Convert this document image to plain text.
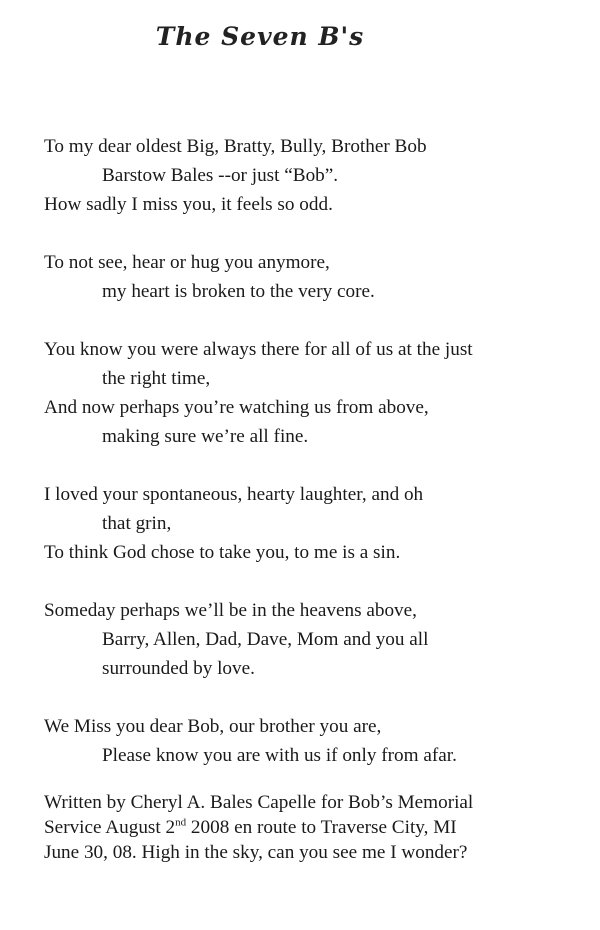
The Seven B's
To my dear oldest Big, Bratty, Bully, Brother Bob
Barstow Bales --or just “Bob”.
How sadly I miss you, it feels so odd.
To not see, hear or hug you anymore,
my heart is broken to the very core.
You know you were always there for all of us at the just
the right time,
And now perhaps you’re watching us from above,
making sure we’re all fine.
I loved your spontaneous, hearty laughter, and oh
that grin,
To think God chose to take you, to me is a sin.
Someday perhaps we’ll be in the heavens above,
Barry, Allen, Dad, Dave, Mom and you all
surrounded by love.
We Miss you dear Bob, our brother you are,
Please know you are with us if only from afar.
Written by Cheryl A. Bales Capelle for Bob’s Memorial
Service August 2nd 2008 en route to Traverse City, MI
June 30, 08. High in the sky, can you see me I wonder?
